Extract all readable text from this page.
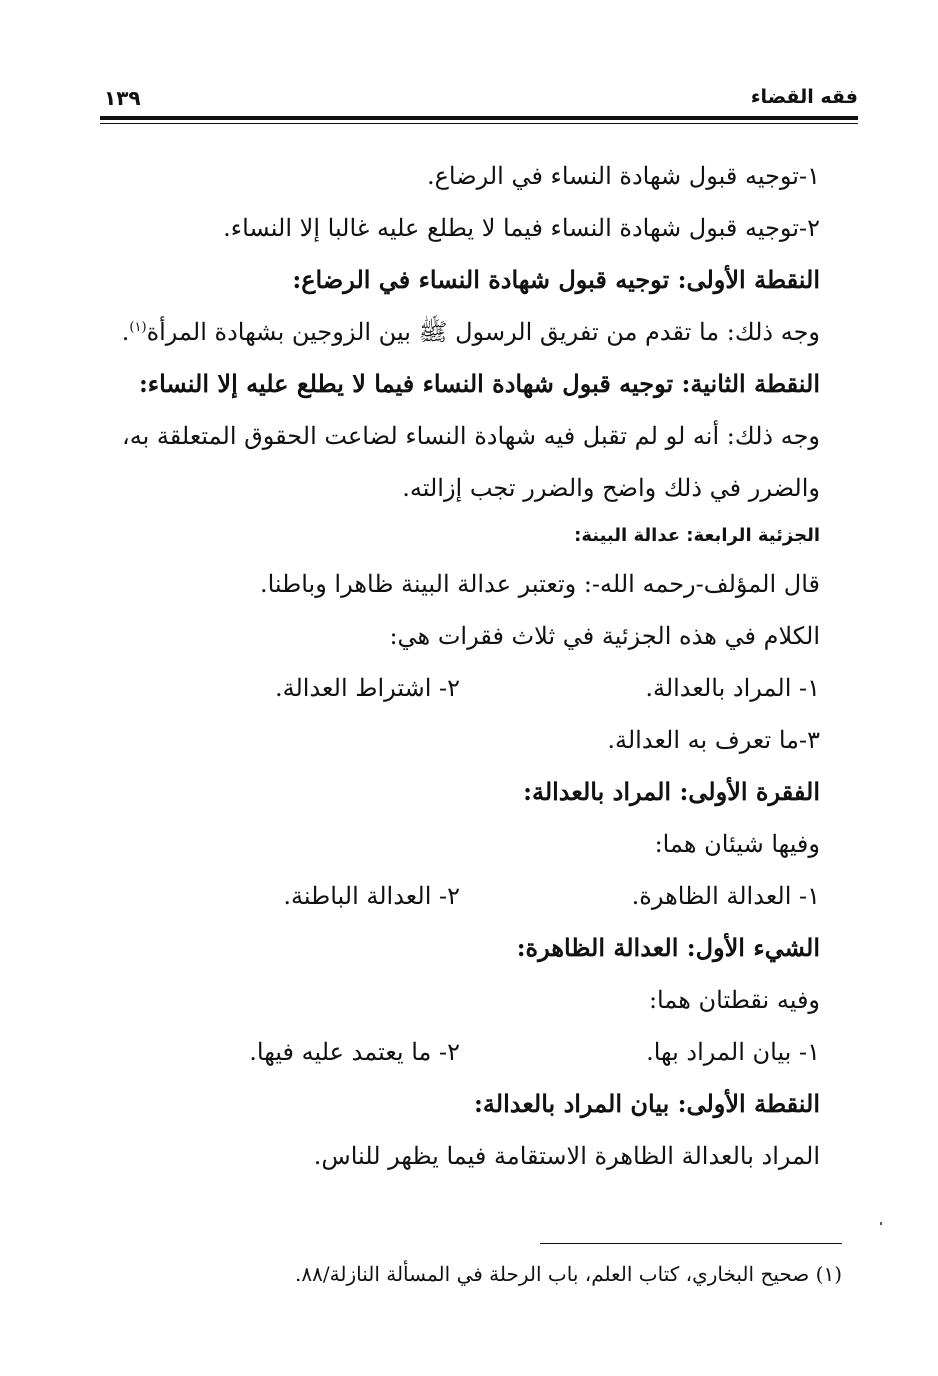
فقه القضاء
١٣٩
١-توجيه قبول شهادة النساء في الرضاع.
٢-توجيه قبول شهادة النساء فيما لا يطلع عليه غالبا إلا النساء.
النقطة الأولى: توجيه قبول شهادة النساء في الرضاع:
وجه ذلك: ما تقدم من تفريق الرسول ﷺ بين الزوجين بشهادة المرأة$^{(١)}$.
النقطة الثانية: توجيه قبول شهادة النساء فيما لا يطلع عليه إلا النساء:
وجه ذلك: أنه لو لم تقبل فيه شهادة النساء لضاعت الحقوق المتعلقة به،
والضرر في ذلك واضح والضرر تجب إزالته.
الجزئية الرابعة: عدالة البينة:
قال المؤلف-رحمه الله-: وتعتبر عدالة البينة ظاهرا وباطنا.
الكلام في هذه الجزئية في ثلاث فقرات هي:
١- المراد بالعدالة.
٢- اشتراط العدالة.
٣-ما تعرف به العدالة.
الفقرة الأولى: المراد بالعدالة:
وفيها شيئان هما:
١- العدالة الظاهرة.
٢- العدالة الباطنة.
الشيء الأول: العدالة الظاهرة:
وفيه نقطتان هما:
١- بيان المراد بها.
٢- ما يعتمد عليه فيها.
النقطة الأولى: بيان المراد بالعدالة:
المراد بالعدالة الظاهرة الاستقامة فيما يظهر للناس.
(١) صحيح البخاري، كتاب العلم، باب الرحلة في المسألة النازلة/٨٨.
